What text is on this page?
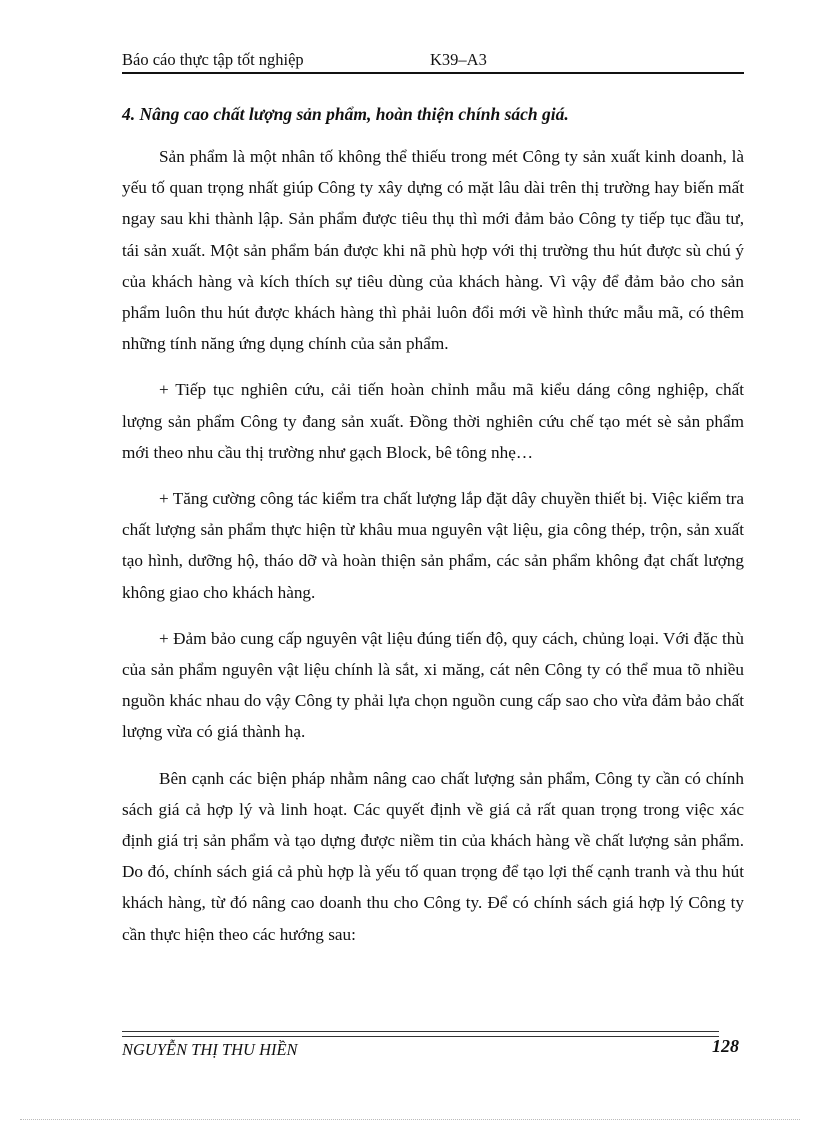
Báo cáo thực tập tốt nghiệp	K39–A3
4. Nâng cao chất lượng sản phẩm, hoàn thiện chính sách giá.

Sản phẩm là một nhân tố không thể thiếu trong mét Công ty sản xuất kinh doanh, là yếu tố quan trọng nhất giúp Công ty xây dựng có mặt lâu dài trên thị trường hay biến mất ngay sau khi thành lập. Sản phẩm được tiêu thụ thì mới đảm bảo Công ty tiếp tục đầu tư, tái sản xuất. Một sản phẩm bán được khi nã phù hợp với thị trường thu hút được sù chú ý của khách hàng và kích thích sự tiêu dùng của khách hàng. Vì vậy để đảm bảo cho sản phẩm luôn thu hút được khách hàng thì phải luôn đổi mới về hình thức mẫu mã, có thêm những tính năng ứng dụng chính của sản phẩm.

+ Tiếp tục nghiên cứu, cải tiến hoàn chỉnh mẫu mã kiểu dáng công nghiệp, chất lượng sản phẩm Công ty đang sản xuất. Đồng thời nghiên cứu chế tạo mét sè sản phẩm mới theo nhu cầu thị trường như gạch Block, bê tông nhẹ…

+ Tăng cường công tác kiểm tra chất lượng lắp đặt dây chuyền thiết bị. Việc kiểm tra chất lượng sản phẩm thực hiện từ khâu mua nguyên vật liệu, gia công thép, trộn, sản xuất tạo hình, dưỡng hộ, tháo dỡ và hoàn thiện sản phẩm, các sản phẩm không đạt chất lượng không giao cho khách hàng.

+ Đảm bảo cung cấp nguyên vật liệu đúng tiến độ, quy cách, chủng loại. Với đặc thù của sản phẩm nguyên vật liệu chính là sắt, xi măng, cát nên Công ty có thể mua tõ nhiều nguồn khác nhau do vậy Công ty phải lựa chọn nguồn cung cấp sao cho vừa đảm bảo chất lượng vừa có giá thành hạ.

Bên cạnh các biện pháp nhằm nâng cao chất lượng sản phẩm, Công ty cần có chính sách giá cả hợp lý và linh hoạt. Các quyết định về giá cả rất quan trọng trong việc xác định giá trị sản phẩm và tạo dựng được niềm tin của khách hàng về chất lượng sản phẩm. Do đó, chính sách giá cả phù hợp là yếu tố quan trọng để tạo lợi thế cạnh tranh và thu hút khách hàng, từ đó nâng cao doanh thu cho Công ty. Để có chính sách giá hợp lý Công ty cần thực hiện theo các hướng sau:

NGUYỄN THỊ THU HIỀN	128
